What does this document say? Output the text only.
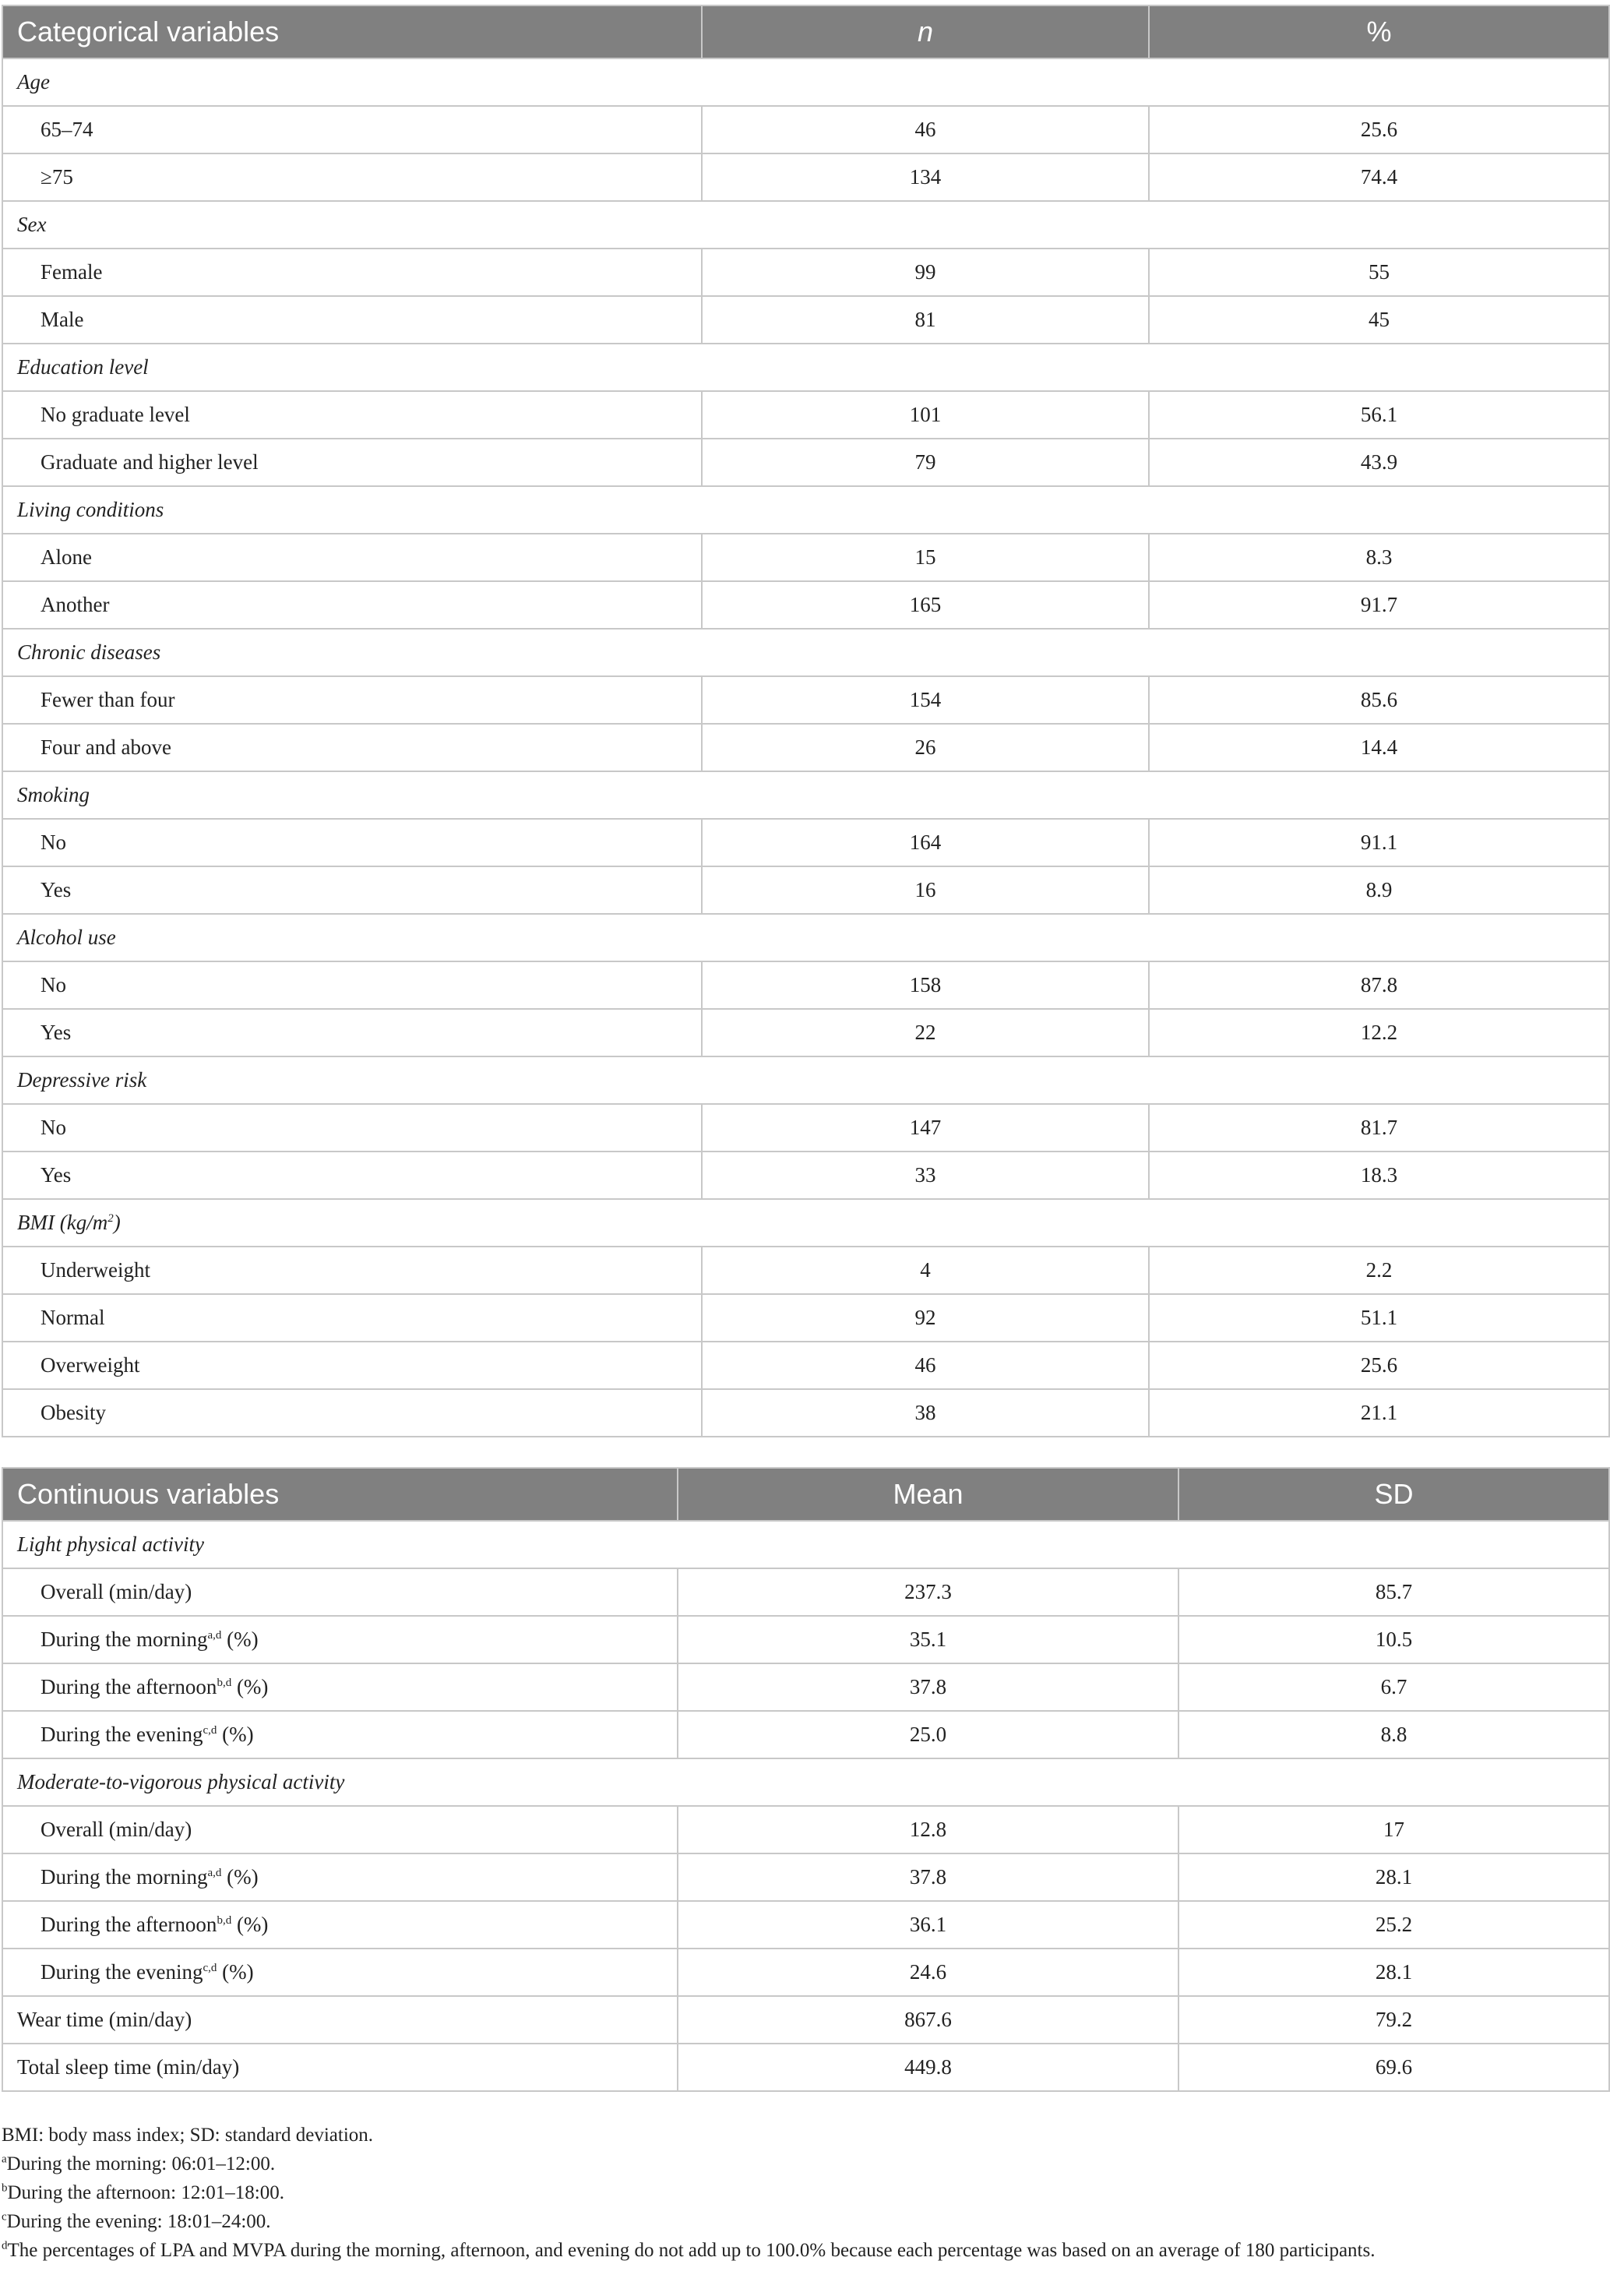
Categorical variables	n	%
Age		
65–74	46	25.6
≥75	134	74.4
Sex		
Female	99	55
Male	81	45
Education level		
No graduate level	101	56.1
Graduate and higher level	79	43.9
Living conditions		
Alone	15	8.3
Another	165	91.7
Chronic diseases		
Fewer than four	154	85.6
Four and above	26	14.4
Smoking		
No	164	91.1
Yes	16	8.9
Alcohol use		
No	158	87.8
Yes	22	12.2
Depressive risk		
No	147	81.7
Yes	33	18.3
BMI $(kg/m^2)$		
Underweight	4	2.2
Normal	92	51.1
Overweight	46	25.6
Obesity	38	21.1
Continuous variables	Mean	SD
Light physical activity		
Overall (min/day)	237.3	85.7
During the morning$^{a,d}$ (%)	35.1	10.5
During the afternoon$^{b,d}$ (%)	37.8	6.7
During the evening$^{c,d}$ (%)	25.0	8.8
Moderate-to-vigorous physical activity		
Overall (min/day)	12.8	17
During the morning$^{a,d}$ (%)	37.8	28.1
During the afternoon$^{b,d}$ (%)	36.1	25.2
During the evening$^{c,d}$ (%)	24.6	28.1
Wear time (min/day)	867.6	79.2
Total sleep time (min/day)	449.8	69.6
BMI: body mass index; SD: standard deviation.
$^a$During the morning: 06:01–12:00.
$^b$During the afternoon: 12:01–18:00.
$^c$During the evening: 18:01–24:00.
$^d$The percentages of LPA and MVPA during the morning, afternoon, and evening do not add up to 100.0% because each percentage was based on an average of 180 participants.
